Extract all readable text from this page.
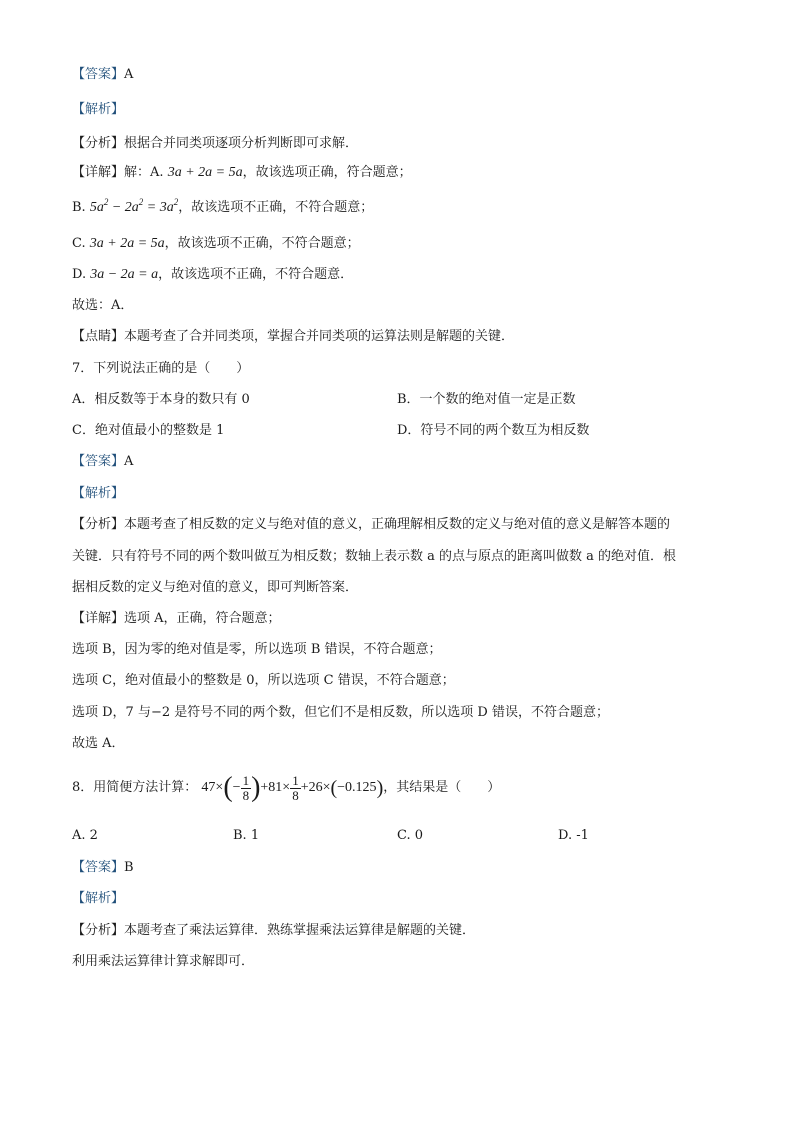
【答案】A
【解析】
【分析】根据合并同类项逐项分析判断即可求解．
【详解】解：A. 3a + 2a = 5a，故该选项正确，符合题意；
B. $5a^2 - 2a^2 = 3a^2$，故该选项不正确，不符合题意；
C. 3a + 2a = 5a，故该选项不正确，不符合题意；
D. 3a − 2a = a，故该选项不正确，不符合题意．
故选：A．
【点睛】本题考查了合并同类项，掌握合并同类项的运算法则是解题的关键．
7．下列说法正确的是（　　）
A．相反数等于本身的数只有 0	B．一个数的绝对值一定是正数
C．绝对值最小的整数是 1	D．符号不同的两个数互为相反数
【答案】A
【解析】
【分析】本题考查了相反数的定义与绝对值的意义，正确理解相反数的定义与绝对值的意义是解答本题的
关键．只有符号不同的两个数叫做互为相反数；数轴上表示数 a 的点与原点的距离叫做数 a 的绝对值．根
据相反数的定义与绝对值的意义，即可判断答案．
【详解】选项 A，正确，符合题意；
选项 B，因为零的绝对值是零，所以选项 B 错误，不符合题意；
选项 C，绝对值最小的整数是 0，所以选项 C 错误，不符合题意；
选项 D，7 与−2 是符号不同的两个数，但它们不是相反数，所以选项 D 错误，不符合题意；
故选 A．
8．用简便方法计算： $47\times(- \frac{1}{8} )+81\times \frac{1}{8} +26\times(-0.125)$，其结果是（　　）
A. 2	B. 1	C. 0	D. -1
【答案】B
【解析】
【分析】本题考查了乘法运算律．熟练掌握乘法运算律是解题的关键．
利用乘法运算律计算求解即可．
